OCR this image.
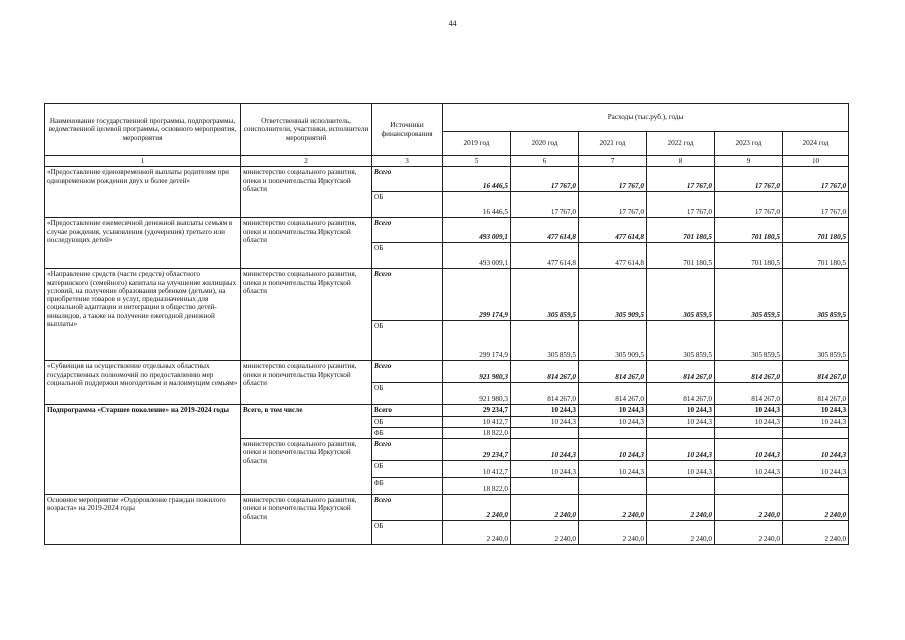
44
Наименование государственной программы, подпрограммы, ведомственной целевой программы, основного мероприятия, мероприятия	Ответственный исполнитель, соисполнители, участники, исполнители мероприятий	Источники финансирования	Расходы (тыс.руб.), годы					
			2019 год	2020 год	2021 год	2022 год	2023 год	2024 год
1	2	3	5	6	7	8	9	10
«Предоставление единовременной выплаты родителям при одновременном рождении двух и более детей»	министерство социального развития, опеки и попечительства Иркутской области	Всего	16 446,5	17 767,0	17 767,0	17 767,0	17 767,0	17 767,0
		ОБ	16 446,5	17 767,0	17 767,0	17 767,0	17 767,0	17 767,0
«Предоставление ежемесячной денежной выплаты семьям в случае рождения, усыновления (удочерения) третьего или последующих детей»	министерство социального развития, опеки и попечительства Иркутской области	Всего	493 009,1	477 614,8	477 614,8	701 180,5	701 180,5	701 180,5
		ОБ	493 009,1	477 614,8	477 614,8	701 180,5	701 180,5	701 180,5
«Направление средств (части средств) областного материнского (семейного) капитала на улучшение жилищных условий, на получение образования ребенком (детьми), на приобретение товаров и услуг, предназначенных для социальной адаптации и интеграции в общество детей-инвалидов, а также на получение ежегодной денежной выплаты»	министерство социального развития, опеки и попечительства Иркутской области	Всего	299 174,9	305 859,5	305 909,5	305 859,5	305 859,5	305 859,5
		ОБ	299 174,9	305 859,5	305 909,5	305 859,5	305 859,5	305 859,5
«Субвенция на осуществление отдельных областных государственных полномочий по предоставлению мер социальной поддержки многодетным и малоимущим семьям»	министерство социального развития, опеки и попечительства Иркутской области	Всего	921 980,3	814 267,0	814 267,0	814 267,0	814 267,0	814 267,0
		ОБ	921 980,3	814 267,0	814 267,0	814 267,0	814 267,0	814 267,0
Подпрограмма «Старшее поколение» на 2019-2024 годы	Всего, в том числе	Всего	29 234,7	10 244,3	10 244,3	10 244,3	10 244,3	10 244,3
		ОБ	10 412,7	10 244,3	10 244,3	10 244,3	10 244,3	10 244,3
		ФБ	18 822,0					
	министерство социального развития, опеки и попечительства Иркутской области	Всего	29 234,7	10 244,3	10 244,3	10 244,3	10 244,3	10 244,3
		ОБ	10 412,7	10 244,3	10 244,3	10 244,3	10 244,3	10 244,3
		ФБ	18 822,0					
Основное мероприятие «Оздоровление граждан пожилого возраста» на 2019-2024 годы	министерство социального развития, опеки и попечительства Иркутской области	Всего	2 240,0	2 240,0	2 240,0	2 240,0	2 240,0	2 240,0
		ОБ	2 240,0	2 240,0	2 240,0	2 240,0	2 240,0	2 240,0
